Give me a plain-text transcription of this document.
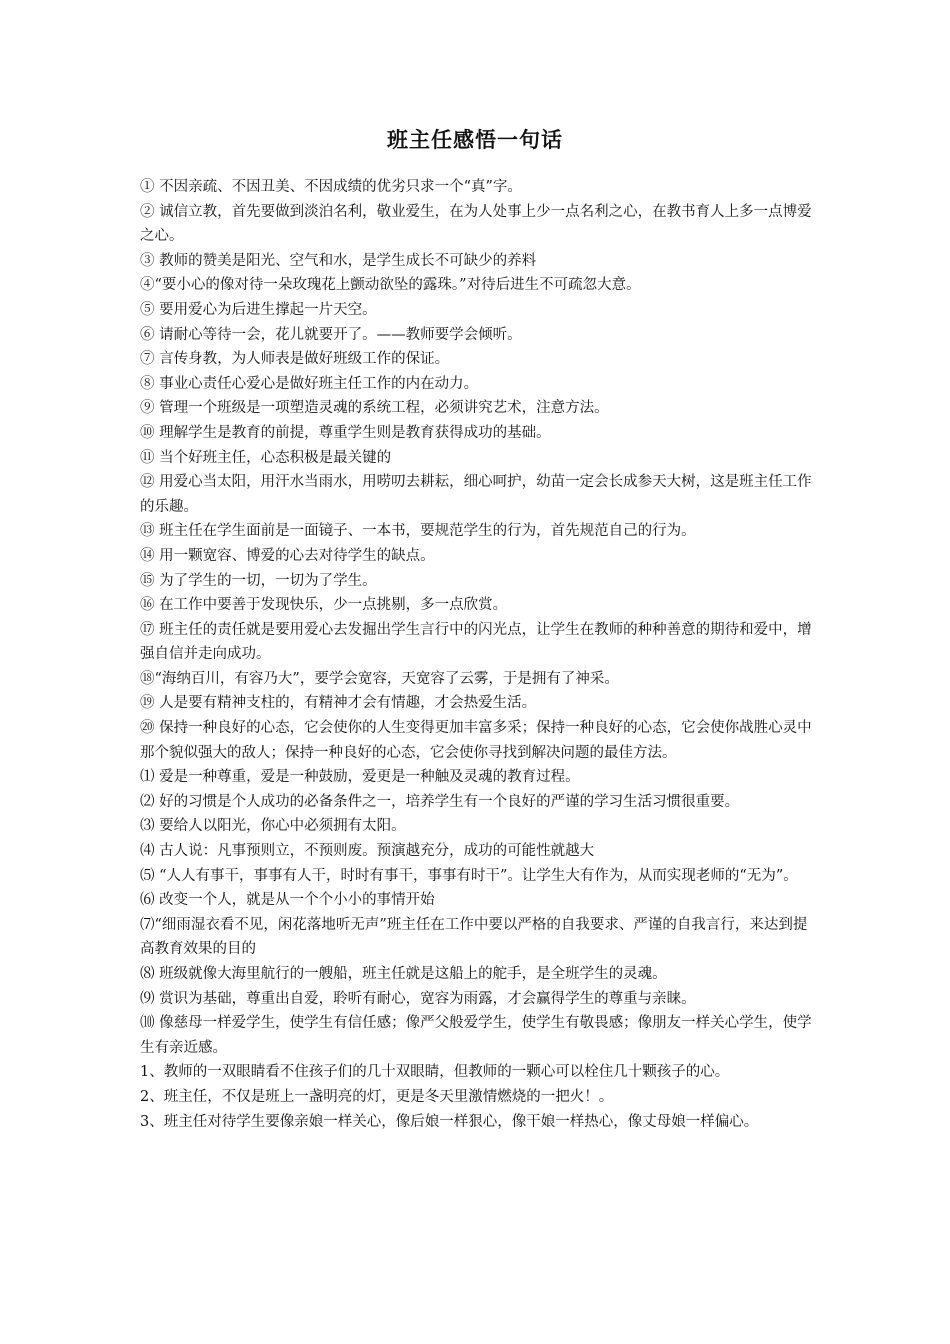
班主任感悟一句话

① 不因亲疏、不因丑美、不因成绩的优劣只求一个“真”字。

② 诚信立教，首先要做到淡泊名利，敬业爱生，在为人处事上少一点名利之心，在教书育人上多一点博爱之心。

③ 教师的赞美是阳光、空气和水，是学生成长不可缺少的养料

④“要小心的像对待一朵玫瑰花上颤动欲坠的露珠。”对待后进生不可疏忽大意。

⑤ 要用爱心为后进生撑起一片天空。

⑥ 请耐心等待一会，花儿就要开了。——教师要学会倾听。

⑦ 言传身教，为人师表是做好班级工作的保证。

⑧ 事业心责任心爱心是做好班主任工作的内在动力。

⑨ 管理一个班级是一项塑造灵魂的系统工程，必须讲究艺术，注意方法。

⑩ 理解学生是教育的前提，尊重学生则是教育获得成功的基础。

⑪ 当个好班主任，心态积极是最关键的

⑫ 用爱心当太阳，用汗水当雨水，用唠叨去耕耘，细心呵护，幼苗一定会长成参天大树，这是班主任工作的乐趣。

⑬ 班主任在学生面前是一面镜子、一本书，要规范学生的行为，首先规范自己的行为。

⑭ 用一颗宽容、博爱的心去对待学生的缺点。

⑮ 为了学生的一切，一切为了学生。

⑯ 在工作中要善于发现快乐，少一点挑剔，多一点欣赏。

⑰ 班主任的责任就是要用爱心去发掘出学生言行中的闪光点，让学生在教师的种种善意的期待和爱中，增强自信并走向成功。

⑱“海纳百川，有容乃大”，要学会宽容，天宽容了云雾，于是拥有了神采。

⑲ 人是要有精神支柱的，有精神才会有情趣，才会热爱生活。

⑳ 保持一种良好的心态，它会使你的人生变得更加丰富多采；保持一种良好的心态，它会使你战胜心灵中那个貌似强大的敌人；保持一种良好的心态，它会使你寻找到解决问题的最佳方法。

⑴ 爱是一种尊重，爱是一种鼓励，爱更是一种触及灵魂的教育过程。

⑵ 好的习惯是个人成功的必备条件之一，培养学生有一个良好的严谨的学习生活习惯很重要。

⑶ 要给人以阳光，你心中必须拥有太阳。

⑷ 古人说：凡事预则立，不预则废。预演越充分，成功的可能性就越大

⑸ “人人有事干，事事有人干，时时有事干，事事有时干”。让学生大有作为，从而实现老师的“无为”。

⑹ 改变一个人，就是从一个个小小的事情开始

⑺“细雨湿衣看不见，闲花落地听无声”班主任在工作中要以严格的自我要求、严谨的自我言行，来达到提高教育效果的目的

⑻ 班级就像大海里航行的一艘船，班主任就是这船上的舵手，是全班学生的灵魂。

⑼ 赏识为基础，尊重出自爱，聆听有耐心，宽容为雨露，才会赢得学生的尊重与亲睐。

⑽ 像慈母一样爱学生，使学生有信任感；像严父般爱学生，使学生有敬畏感；像朋友一样关心学生，使学生有亲近感。

1、教师的一双眼睛看不住孩子们的几十双眼睛，但教师的一颗心可以栓住几十颗孩子的心。

2、班主任，不仅是班上一盏明亮的灯，更是冬天里激情燃烧的一把火！。

3、班主任对待学生要像亲娘一样关心，像后娘一样狠心，像干娘一样热心，像丈母娘一样偏心。
